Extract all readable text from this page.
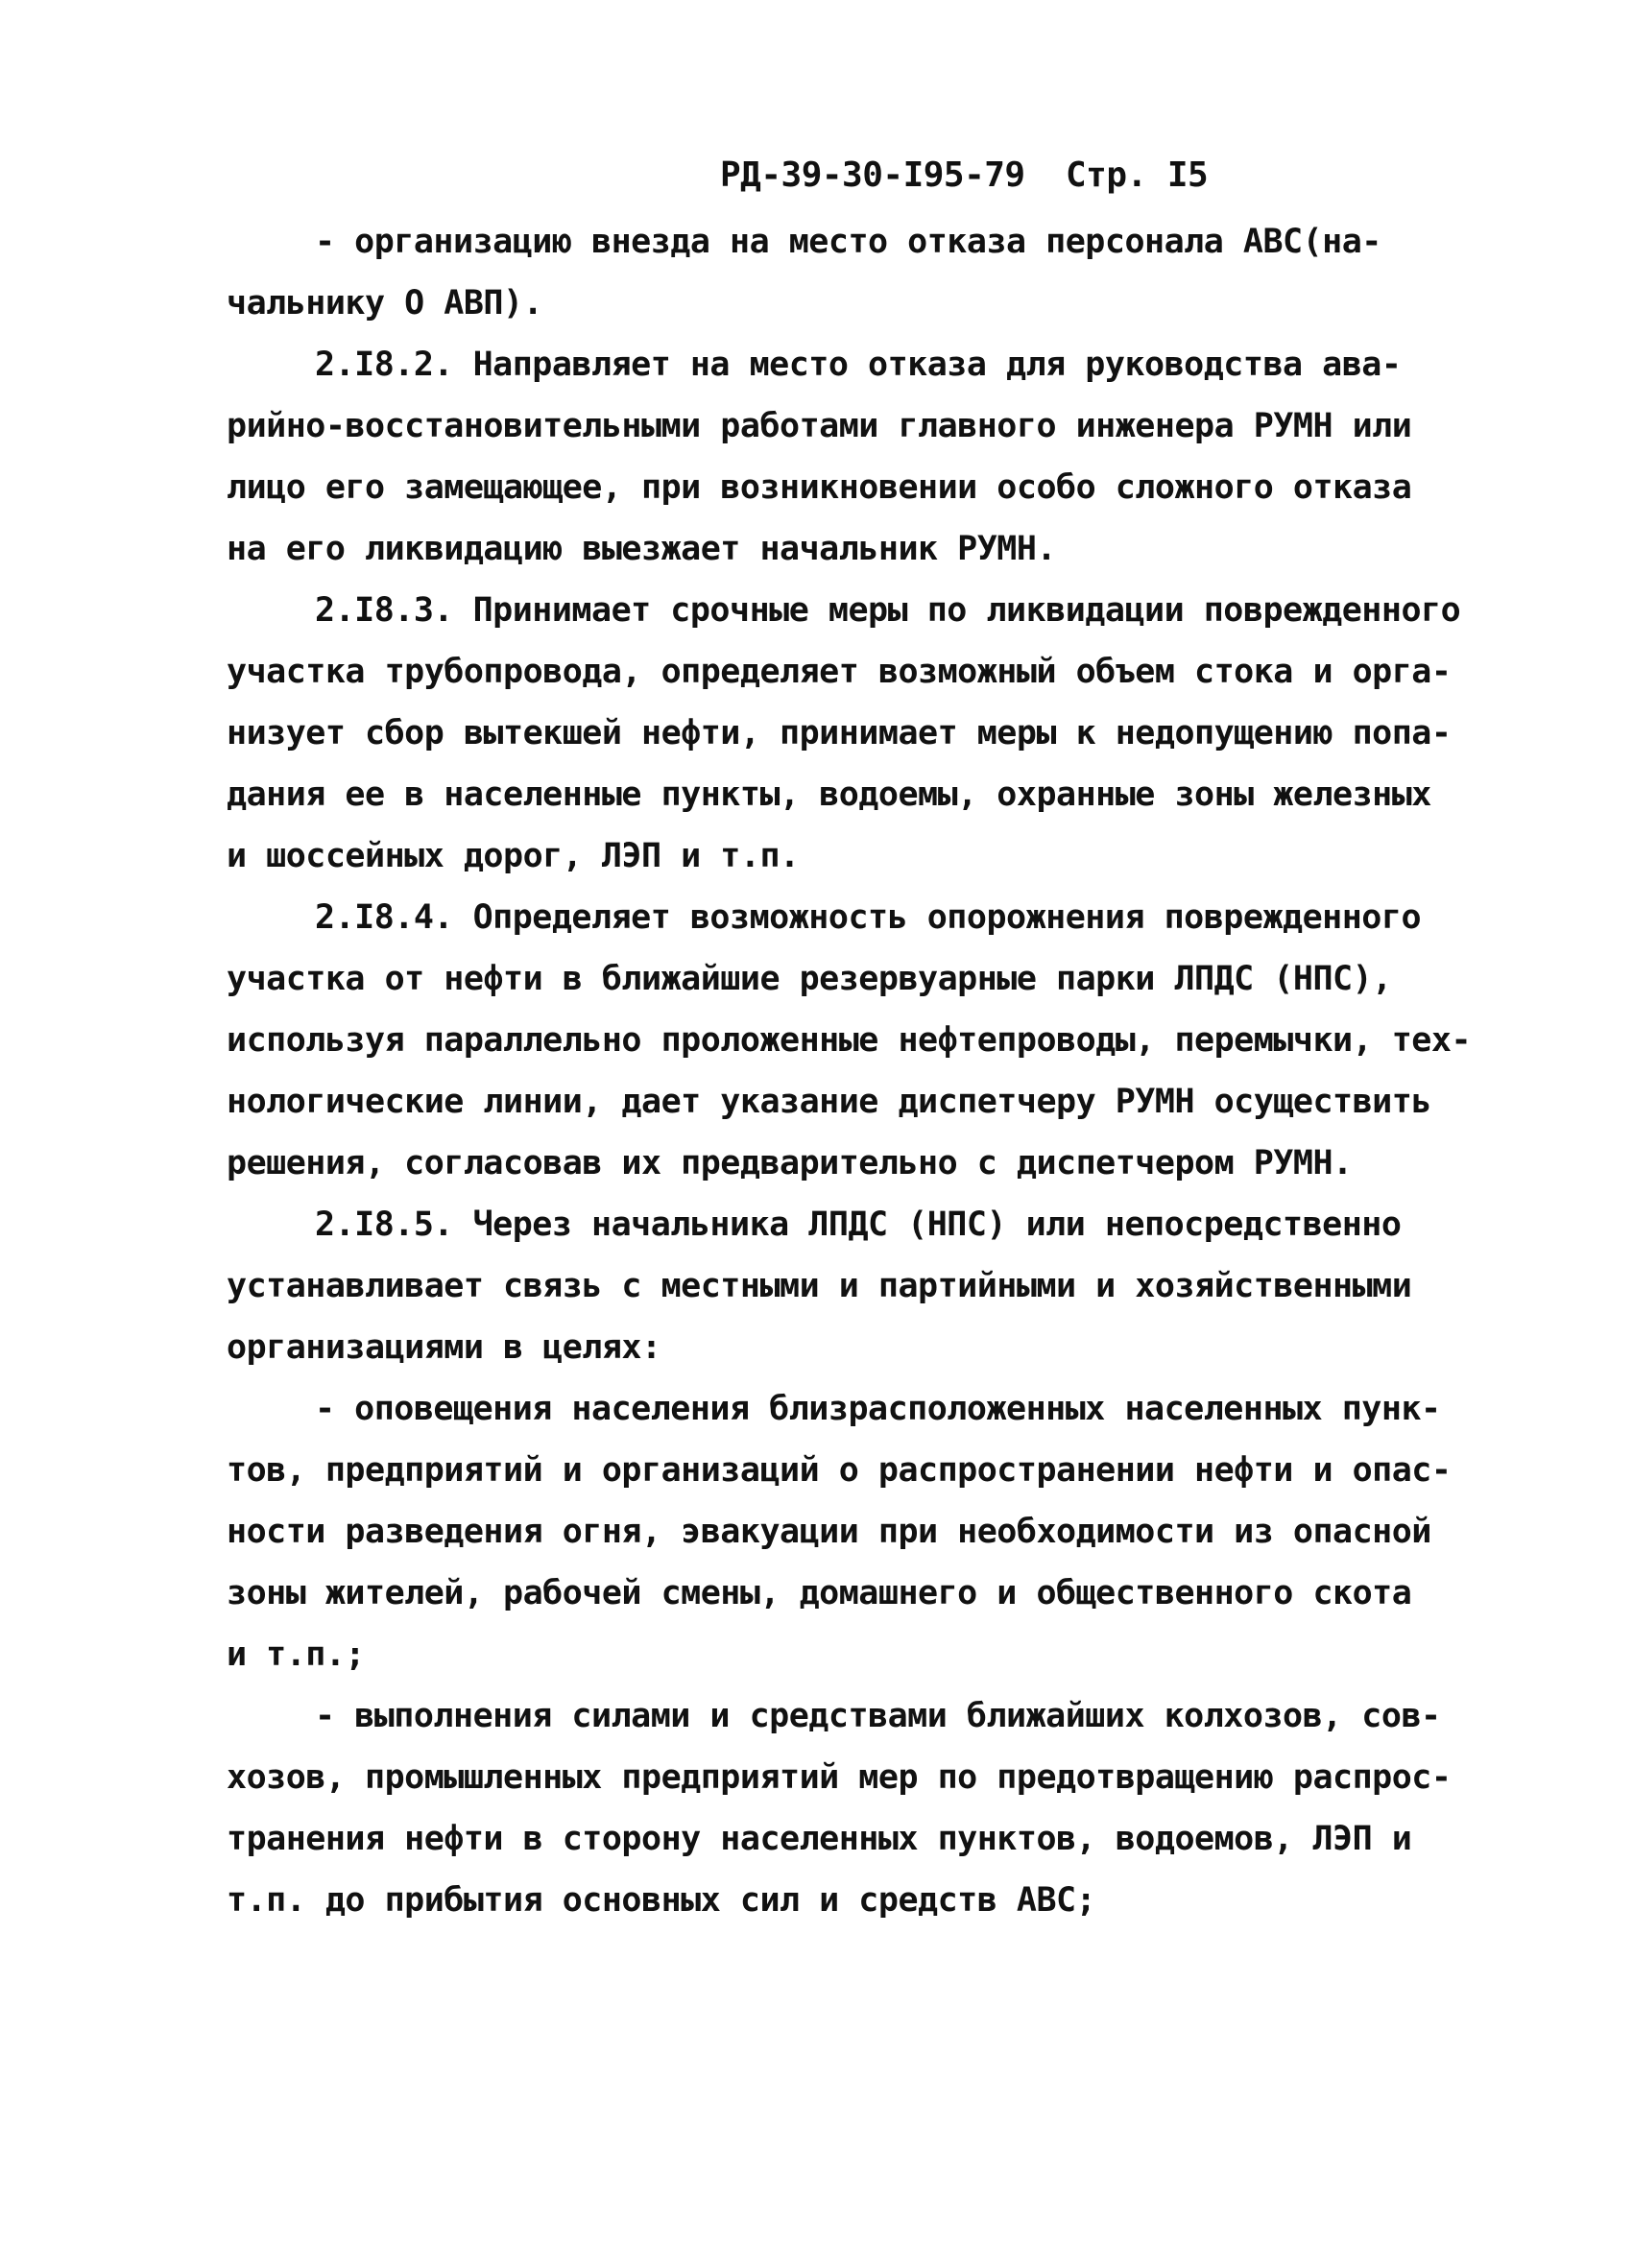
РД-39-30-I95-79 Стр. I5
- организацию внезда на место отказа персонала АВС(на-
чальнику О АВП).
2.I8.2. Направляет на место отказа для руководства ава-
рийно-восстановительными работами главного инженера РУМН или
лицо его замещающее, при возникновении особо сложного отказа
на его ликвидацию выезжает начальник РУМН.
2.I8.3. Принимает срочные меры по ликвидации поврежденного
участка трубопровода, определяет возможный объем стока и орга-
низует сбор вытекшей нефти, принимает меры к недопущению попа-
дания ее в населенные пункты, водоемы, охранные зоны железных
и шоссейных дорог, ЛЭП и т.п.
2.I8.4. Определяет возможность опорожнения поврежденного
участка от нефти в ближайшие резервуарные парки ЛПДС (НПС),
используя параллельно проложенные нефтепроводы, перемычки, тех-
нологические линии, дает указание диспетчеру РУМН осуществить
решения, согласовав их предварительно с диспетчером РУМН.
2.I8.5. Через начальника ЛПДС (НПС) или непосредственно
устанавливает связь с местными и партийными и хозяйственными
организациями в целях:
- оповещения населения близрасположенных населенных пунк-
тов, предприятий и организаций о распространении нефти и опас-
ности разведения огня, эвакуации при необходимости из опасной
зоны жителей, рабочей смены, домашнего и общественного скота
и т.п.;
- выполнения силами и средствами ближайших колхозов, сов-
хозов, промышленных предприятий мер по предотвращению распрос-
транения нефти в сторону населенных пунктов, водоемов, ЛЭП и
т.п. до прибытия основных сил и средств АВС;
